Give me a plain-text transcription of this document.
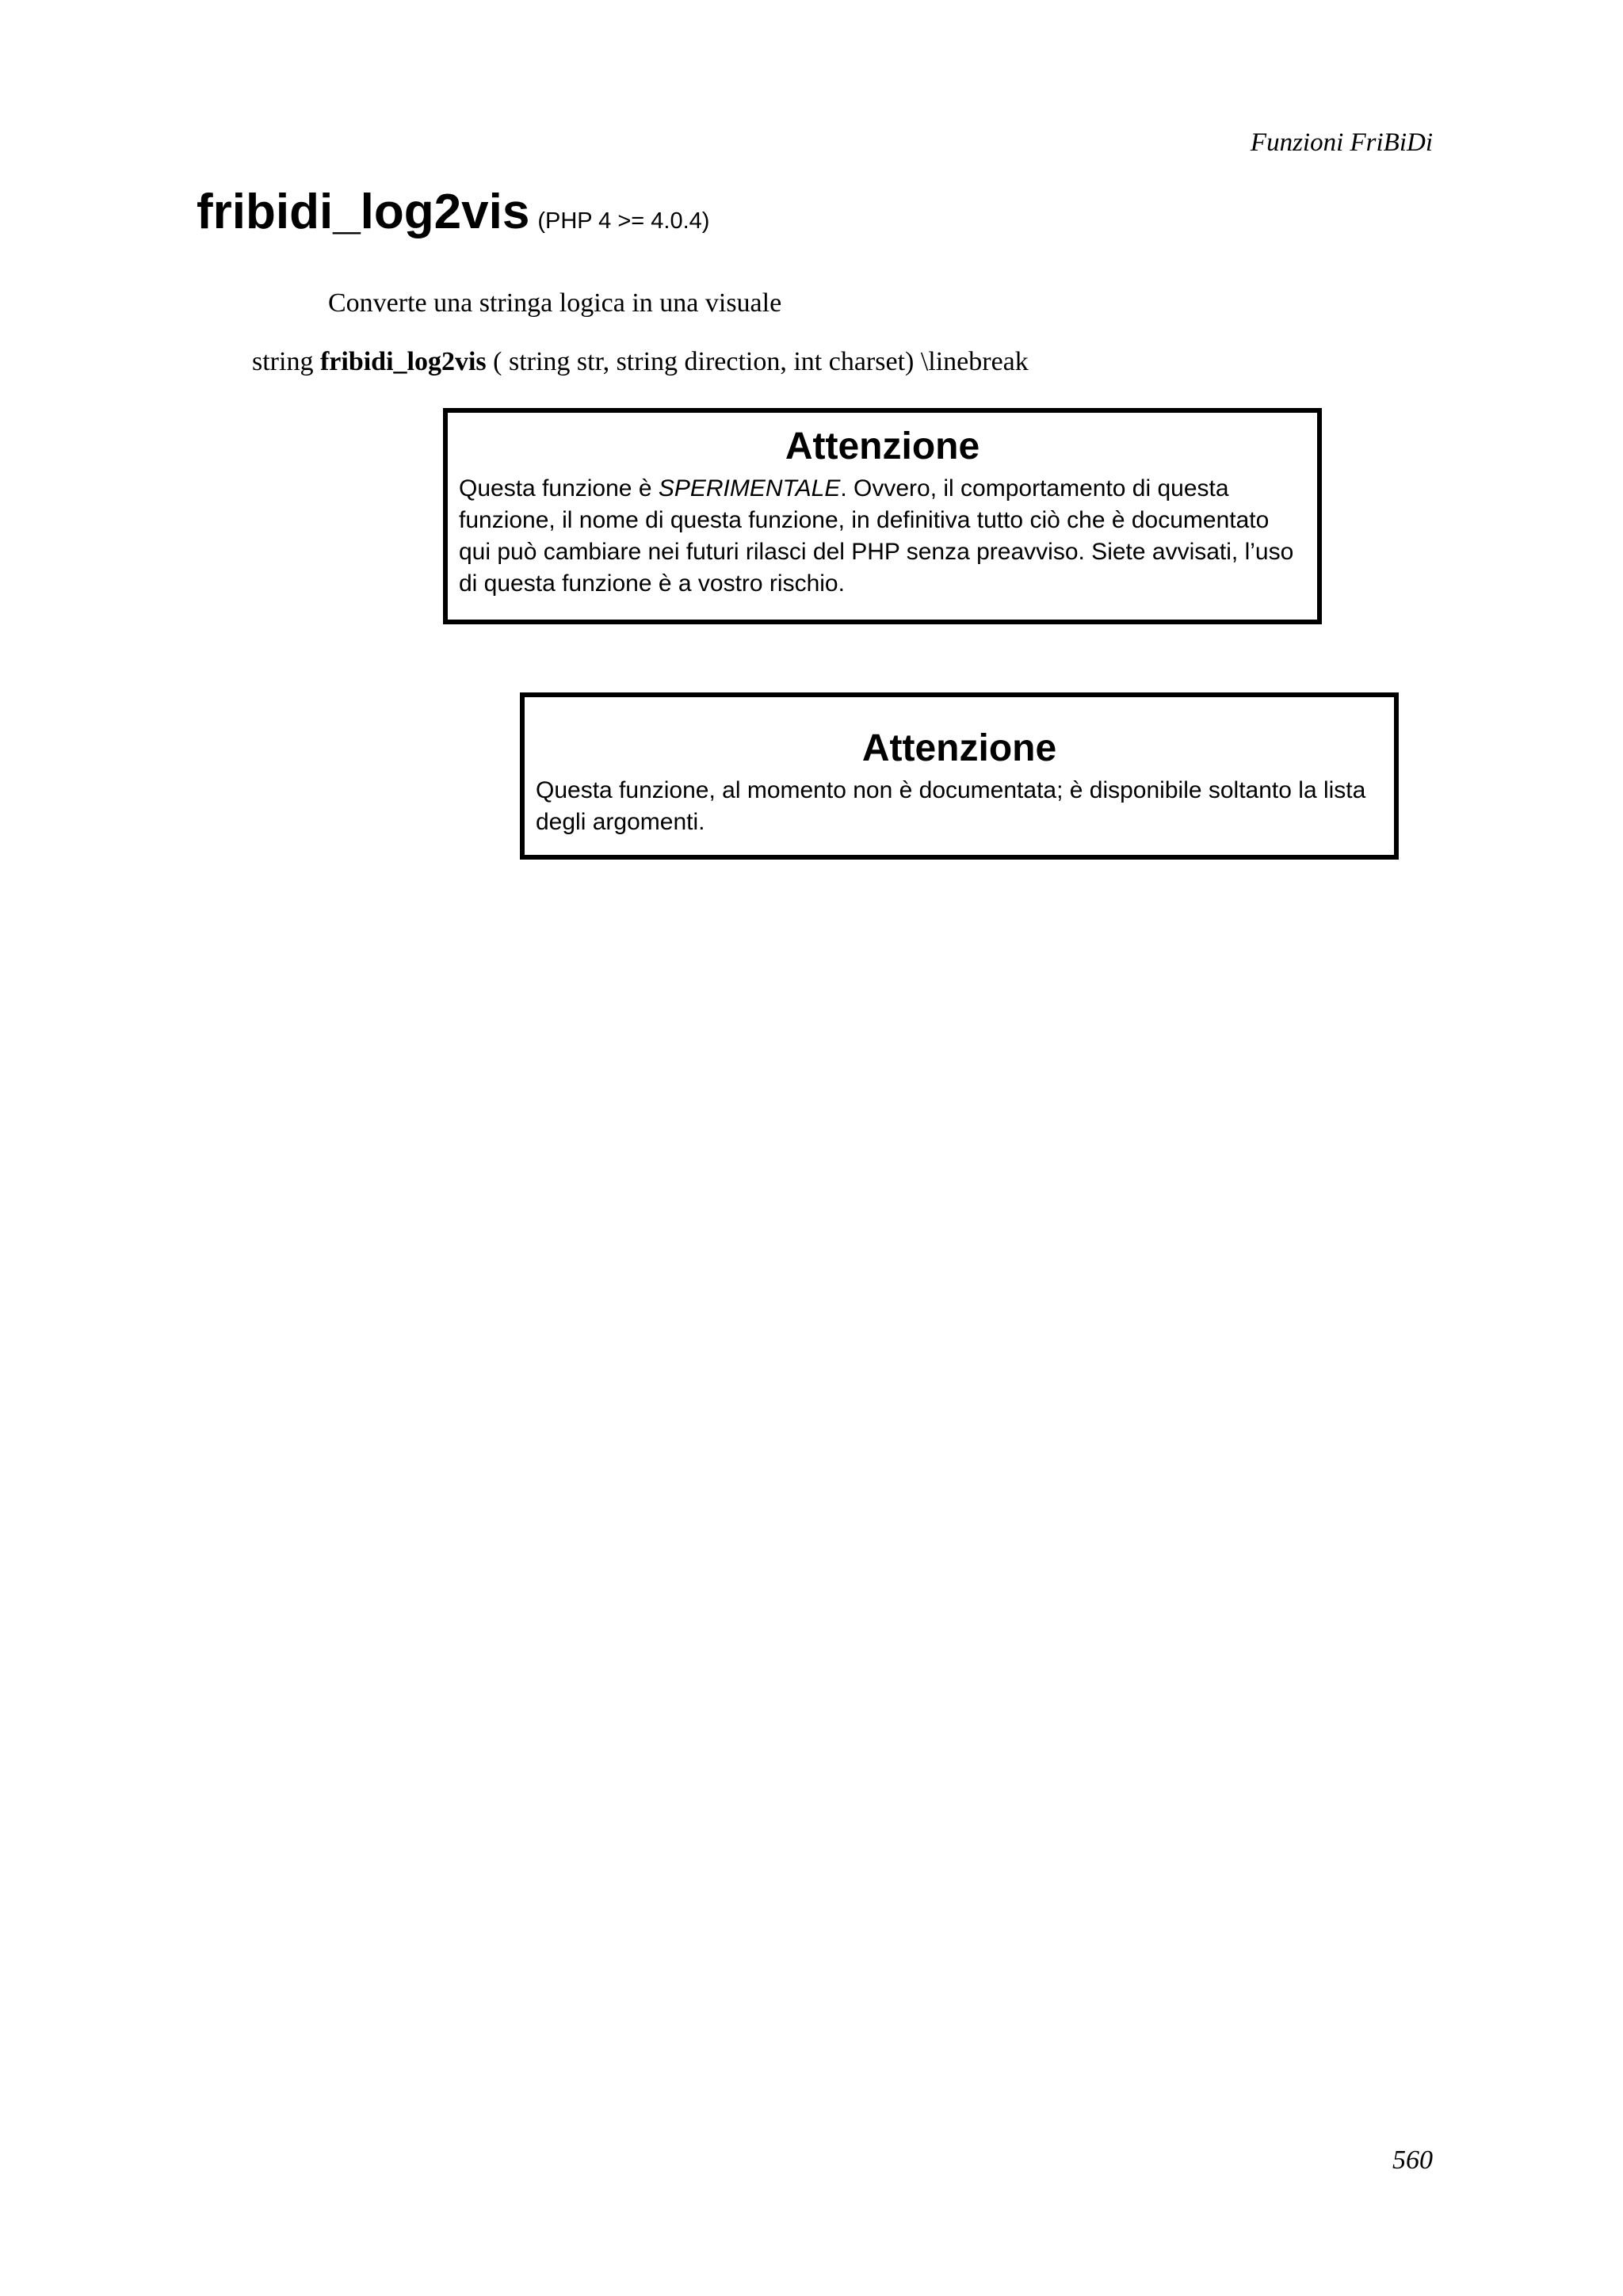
Funzioni FriBiDi
fribidi_log2vis (PHP 4 >= 4.0.4)
Converte una stringa logica in una visuale
string fribidi_log2vis ( string str, string direction, int charset) \linebreak
Attenzione
Questa funzione è SPERIMENTALE. Ovvero, il comportamento di questa funzione, il nome di questa funzione, in definitiva tutto ciò che è documentato qui può cambiare nei futuri rilasci del PHP senza preavviso. Siete avvisati, l’uso di questa funzione è a vostro rischio.
Attenzione
Questa funzione, al momento non è documentata; è disponibile soltanto la lista degli argomenti.
560
